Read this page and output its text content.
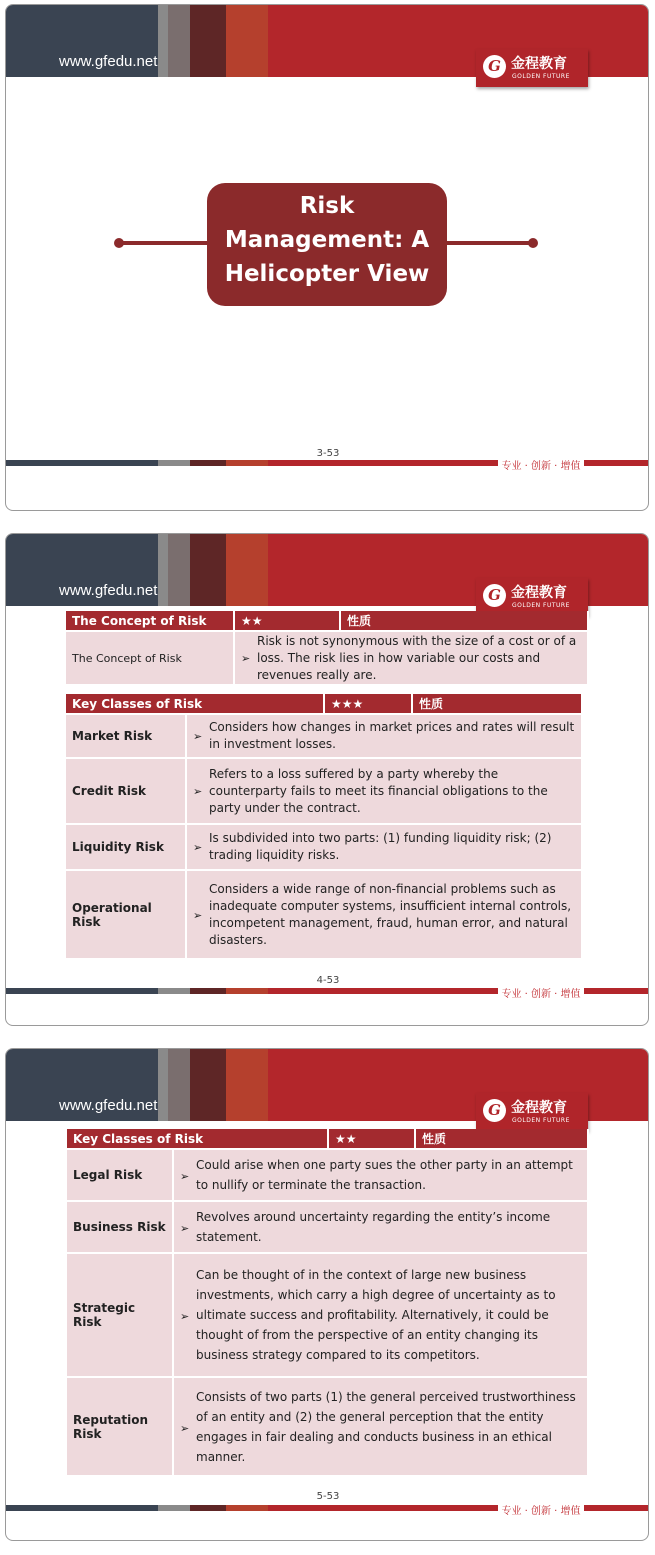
www.gfedu.net	G 金程教育
GOLDEN FUTURE
Risk
Management: A
Helicopter View
3-53
专业 · 创新 · 增值
www.gfedu.net	G 金程教育
GOLDEN FUTURE
The Concept of Risk	★★	性质
The Concept of Risk	➢
Risk is not synonymous with the size of a cost or of a loss. The risk lies in how variable our costs and revenues really are.	
Key Classes of Risk		★★★	性质
Market Risk	➢
Considers how changes in market prices and rates will result in investment losses.		
Credit Risk	➢
Refers to a loss suffered by a party whereby the counterparty fails to meet its financial obligations to the party under the contract.		
Liquidity Risk	➢
Is subdivided into two parts: (1) funding liquidity risk; (2) trading liquidity risks.		
Operational Risk	➢
Considers a wide range of non-financial problems such as inadequate computer systems, insufficient internal controls, incompetent management, fraud, human error, and natural disasters.		
4-53
专业 · 创新 · 增值
www.gfedu.net	G 金程教育
GOLDEN FUTURE
Key Classes of Risk		★★	性质
Legal Risk	➢
Could arise when one party sues the other party in an attempt to nullify or terminate the transaction.		
Business Risk	➢
Revolves around uncertainty regarding the entity’s income statement.		
Strategic Risk	➢
Can be thought of in the context of large new business investments, which carry a high degree of uncertainty as to ultimate success and profitability. Alternatively, it could be thought of from the perspective of an entity changing its business strategy compared to its competitors.		
Reputation Risk	➢
Consists of two parts (1) the general perceived trustworthiness of an entity and (2) the general perception that the entity engages in fair dealing and conducts business in an ethical manner.		
5-53
专业 · 创新 · 增值
